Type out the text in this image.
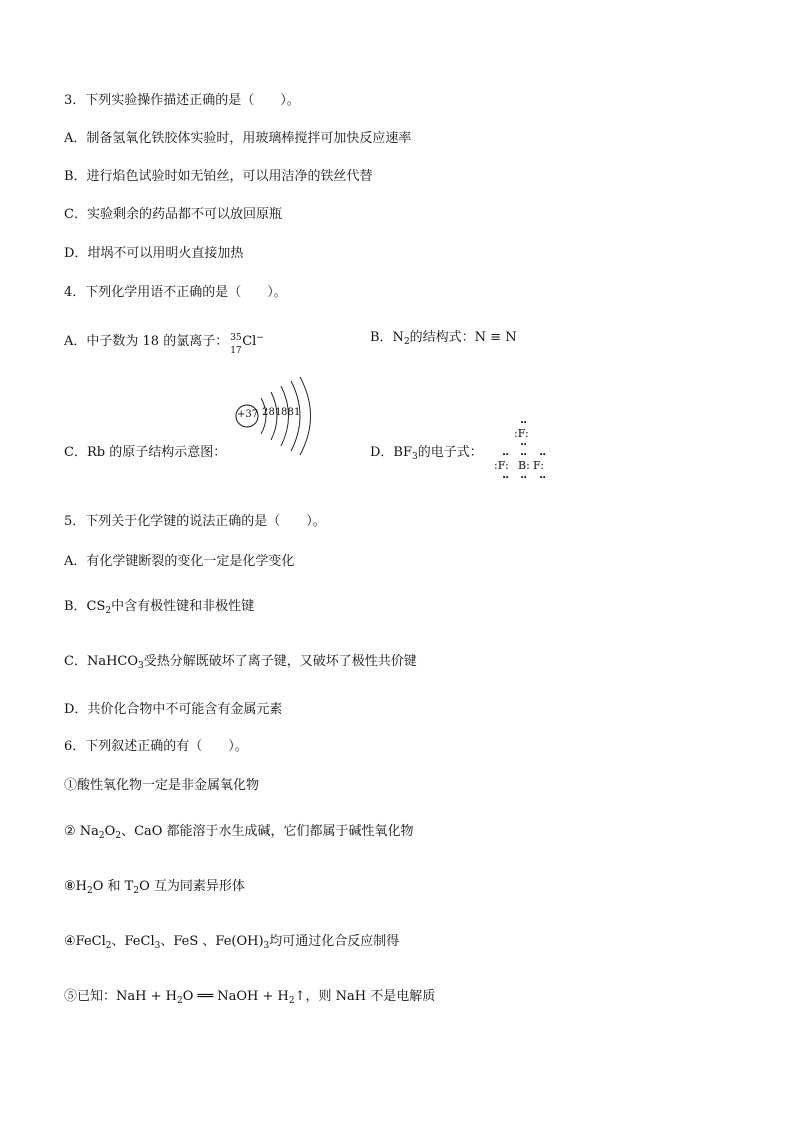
3．下列实验操作描述正确的是（　　）。
A．制备氢氧化铁胶体实验时，用玻璃棒搅拌可加快反应速率
B．进行焰色试验时如无铂丝，可以用洁净的铁丝代替
C．实验剩余的药品都不可以放回原瓶
D．坩埚不可以用明火直接加热
4．下列化学用语不正确的是（　　）。
A．中子数为 18 的氯离子： 35
17
Cl−	B．$N_2$的结构式：N ≡ N
C．Rb 的原子结构示意图：
+37 2 8 18 8 1
D．$BF_3$的电子式：
••
:F:
••
•• •• ••
:F: B: F:
•• •• ••
5．下列关于化学键的说法正确的是（　　）。
A．有化学键断裂的变化一定是化学变化
B．$CS_2$中含有极性键和非极性键
C．NaHCO$_3$受热分解既破坏了离子键，又破坏了极性共价键
D．共价化合物中不可能含有金属元素
6．下列叙述正确的有（　　）。
①酸性氧化物一定是非金属氧化物
② $Na_2O_2$、CaO 都能溶于水生成碱，它们都属于碱性氧化物
$⑧H_2O$ 和 $T_2O$ 互为同素异形体
④FeCl$_2$、FeCl$_3$、FeS 、$Fe(OH)_3$均可通过化合反应制得
⑤已知：NaH + $H_2O$ ══ NaOH + $H_2↑$，则 NaH 不是电解质
